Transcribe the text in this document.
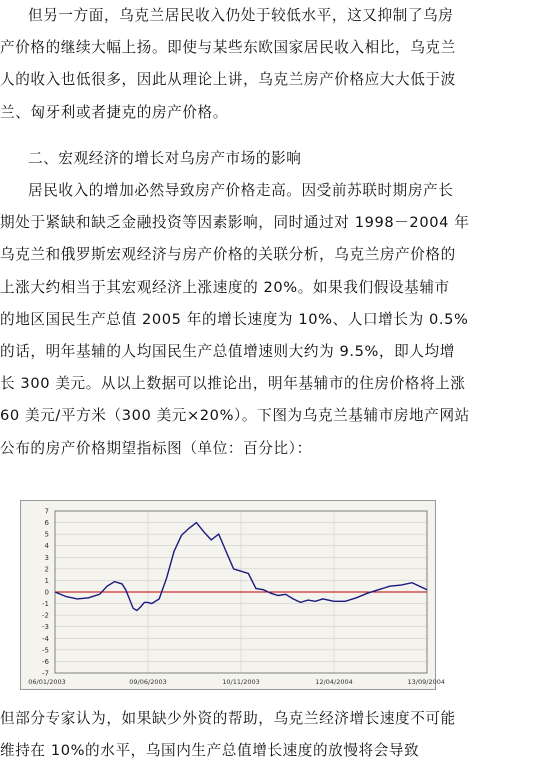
但另一方面，乌克兰居民收入仍处于较低水平，这又抑制了乌房
产价格的继续大幅上扬。即使与某些东欧国家居民收入相比，乌克兰
人的收入也低很多，因此从理论上讲，乌克兰房产价格应大大低于波
兰、匈牙利或者捷克的房产价格。
二、宏观经济的增长对乌房产市场的影响
居民收入的增加必然导致房产价格走高。因受前苏联时期房产长
期处于紧缺和缺乏金融投资等因素影响，同时通过对 1998－2004 年
乌克兰和俄罗斯宏观经济与房产价格的关联分析，乌克兰房产价格的
上涨大约相当于其宏观经济上涨速度的 20%。如果我们假设基辅市
的地区国民生产总值 2005 年的增长速度为 10%、人口增长为 0.5%
的话，明年基辅的人均国民生产总值增速则大约为 9.5%，即人均增
长 300 美元。从以上数据可以推论出，明年基辅市的住房价格将上涨
60 美元/平方米（300 美元×20%）。下图为乌克兰基辅市房地产网站
公布的房产价格期望指标图（单位：百分比）：
7
6
5
4
3
2
1
0
-1
-2
-3
-4
-5
-6
-7
06/01/2003	09/06/2003	10/11/2003	12/04/2004	13/09/2004
但部分专家认为，如果缺少外资的帮助，乌克兰经济增长速度不可能
维持在 10%的水平，乌国内生产总值增长速度的放慢将会导致
